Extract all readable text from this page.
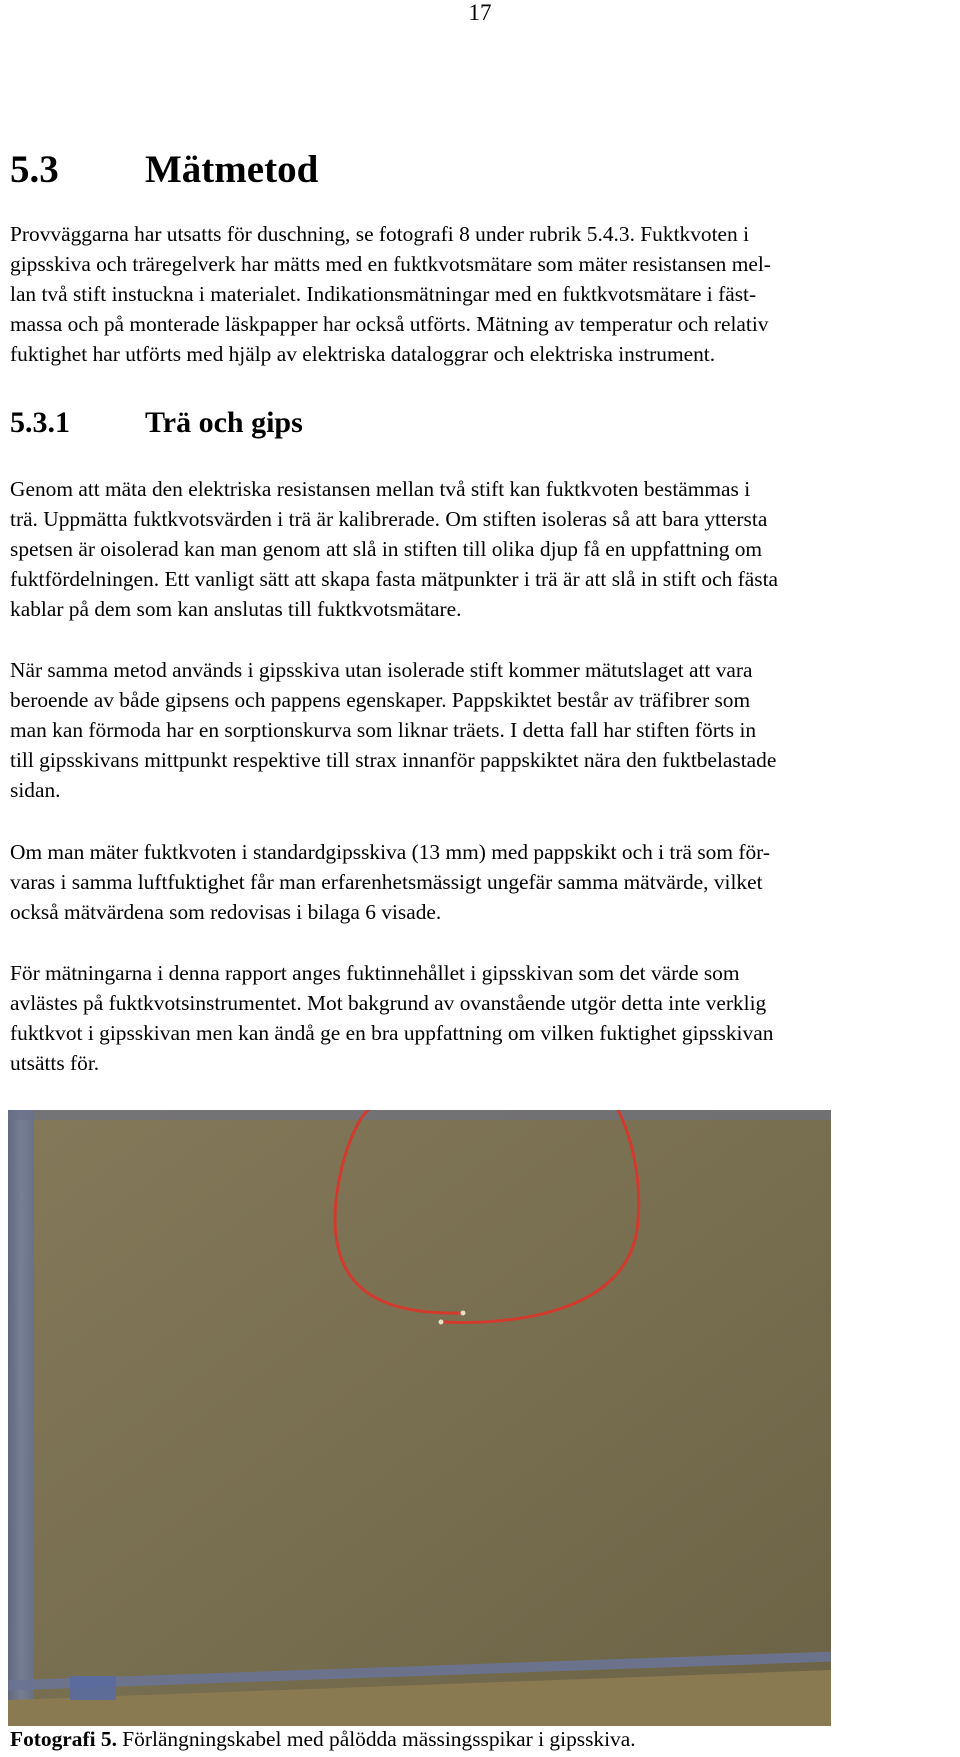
17
5.3 Mätmetod
Provväggarna har utsatts för duschning, se fotografi 8 under rubrik 5.4.3. Fuktkvoten i
gipsskiva och träregelverk har mätts med en fuktkvotsmätare som mäter resistansen mel-
lan två stift instuckna i materialet. Indikationsmätningar med en fuktkvotsmätare i fäst-
massa och på monterade läskpapper har också utförts. Mätning av temperatur och relativ
fuktighet har utförts med hjälp av elektriska dataloggrar och elektriska instrument.
5.3.1	Trä och gips
Genom att mäta den elektriska resistansen mellan två stift kan fuktkvoten bestämmas i
trä. Uppmätta fuktkvotsvärden i trä är kalibrerade. Om stiften isoleras så att bara yttersta
spetsen är oisolerad kan man genom att slå in stiften till olika djup få en uppfattning om
fuktfördelningen. Ett vanligt sätt att skapa fasta mätpunkter i trä är att slå in stift och fästa
kablar på dem som kan anslutas till fuktkvotsmätare.
När samma metod används i gipsskiva utan isolerade stift kommer mätutslaget att vara
beroende av både gipsens och pappens egenskaper. Pappskiktet består av träfibrer som
man kan förmoda har en sorptionskurva som liknar träets. I detta fall har stiften förts in
till gipsskivans mittpunkt respektive till strax innanför pappskiktet nära den fuktbelastade
sidan.
Om man mäter fuktkvoten i standardgipsskiva (13 mm) med pappskikt och i trä som för-
varas i samma luftfuktighet får man erfarenhetsmässigt ungefär samma mätvärde, vilket
också mätvärdena som redovisas i bilaga 6 visade.
För mätningarna i denna rapport anges fuktinnehållet i gipsskivan som det värde som
avlästes på fuktkvotsinstrumentet. Mot bakgrund av ovanstående utgör detta inte verklig
fuktkvot i gipsskivan men kan ändå ge en bra uppfattning om vilken fuktighet gipsskivan
utsätts för.
Fotografi 5. Förlängningskabel med pålödda mässingsspikar i gipsskiva.
